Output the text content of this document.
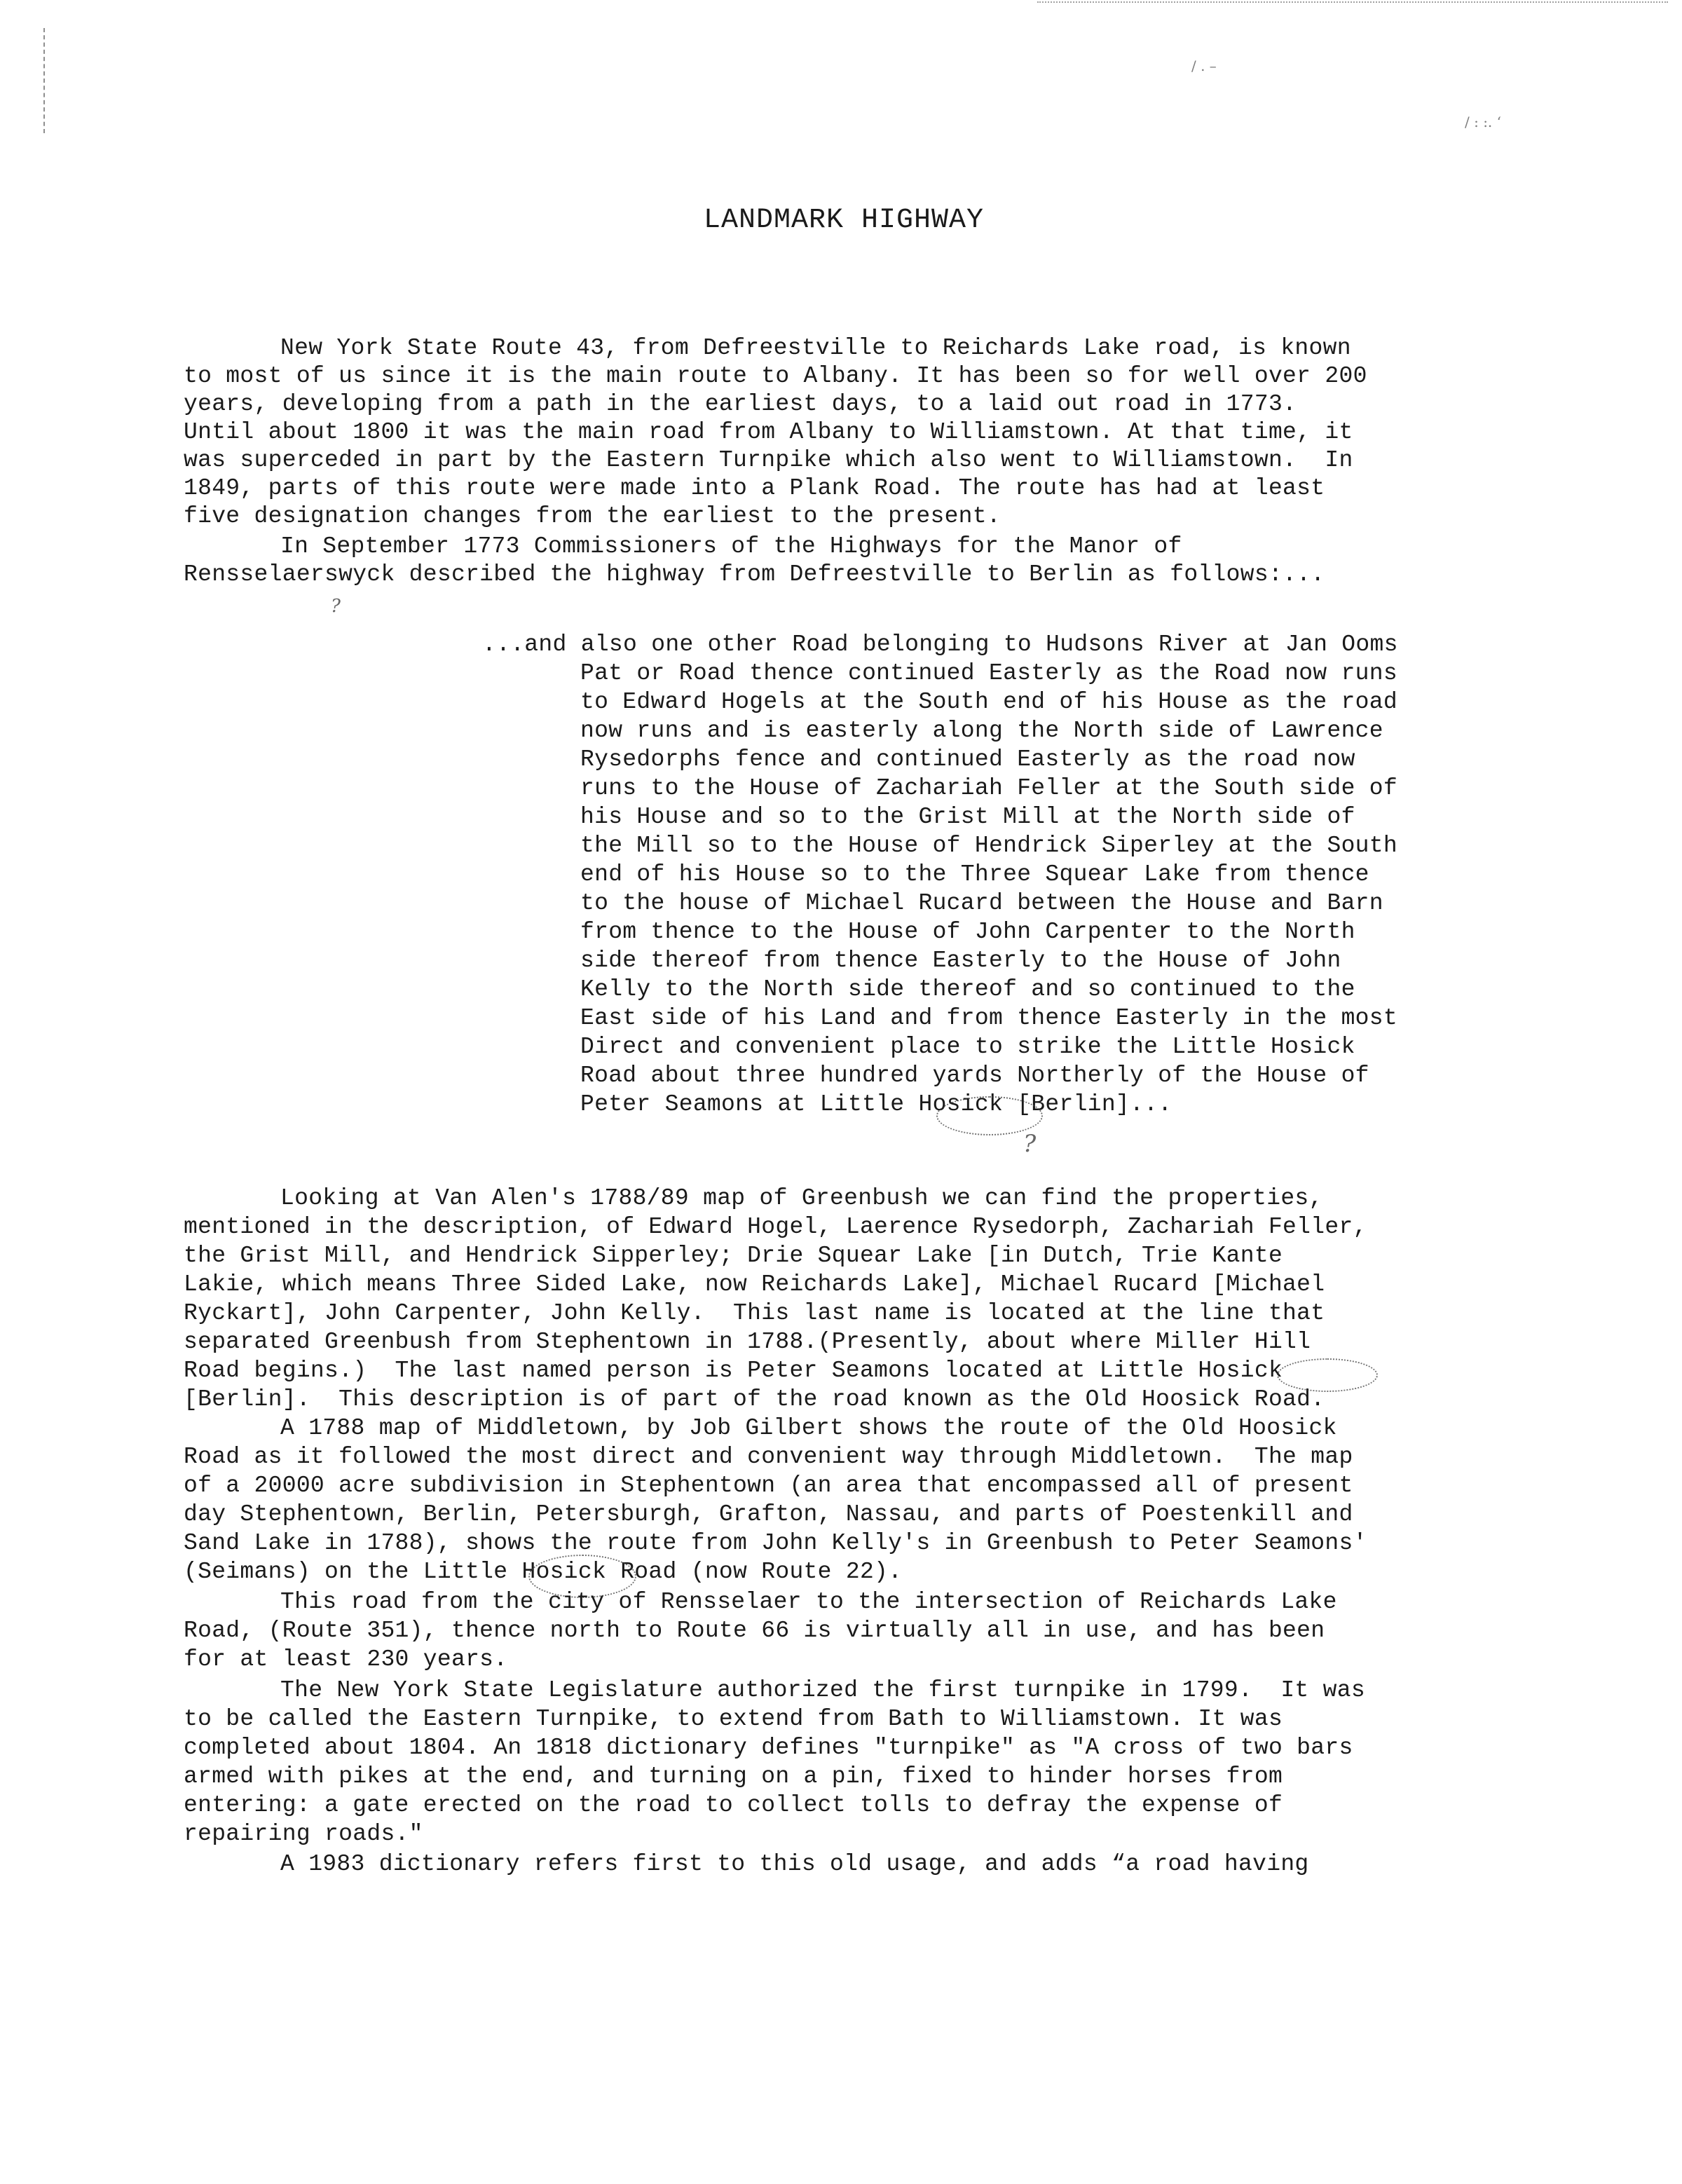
/ . –
/ : :. ‘
LANDMARK HIGHWAY
New York State Route 43, from Defreestville to Reichards Lake road, is known
to most of us since it is the main route to Albany. It has been so for well over 200
years, developing from a path in the earliest days, to a laid out road in 1773.
Until about 1800 it was the main road from Albany to Williamstown. At that time, it
was superceded in part by the Eastern Turnpike which also went to Williamstown.  In
1849, parts of this route were made into a Plank Road. The route has had at least
five designation changes from the earliest to the present.
In September 1773 Commissioners of the Highways for the Manor of
Rensselaerswyck described the highway from Defreestville to Berlin as follows:...
?
...and also one other Road belonging to Hudsons River at Jan Ooms
Pat or Road thence continued Easterly as the Road now runs
to Edward Hogels at the South end of his House as the road
now runs and is easterly along the North side of Lawrence
Rysedorphs fence and continued Easterly as the road now
runs to the House of Zachariah Feller at the South side of
his House and so to the Grist Mill at the North side of
the Mill so to the House of Hendrick Siperley at the South
end of his House so to the Three Squear Lake from thence
to the house of Michael Rucard between the House and Barn
from thence to the House of John Carpenter to the North
side thereof from thence Easterly to the House of John
Kelly to the North side thereof and so continued to the
East side of his Land and from thence Easterly in the most
Direct and convenient place to strike the Little Hosick
Road about three hundred yards Northerly of the House of
Peter Seamons at Little Hosick [Berlin]...
?
Looking at Van Alen's 1788/89 map of Greenbush we can find the properties,
mentioned in the description, of Edward Hogel, Laerence Rysedorph, Zachariah Feller,
the Grist Mill, and Hendrick Sipperley; Drie Squear Lake [in Dutch, Trie Kante
Lakie, which means Three Sided Lake, now Reichards Lake], Michael Rucard [Michael
Ryckart], John Carpenter, John Kelly.  This last name is located at the line that
separated Greenbush from Stephentown in 1788.(Presently, about where Miller Hill
Road begins.)  The last named person is Peter Seamons located at Little Hosick
[Berlin].  This description is of part of the road known as the Old Hoosick Road.
A 1788 map of Middletown, by Job Gilbert shows the route of the Old Hoosick
Road as it followed the most direct and convenient way through Middletown.  The map
of a 20000 acre subdivision in Stephentown (an area that encompassed all of present
day Stephentown, Berlin, Petersburgh, Grafton, Nassau, and parts of Poestenkill and
Sand Lake in 1788), shows the route from John Kelly's in Greenbush to Peter Seamons'
(Seimans) on the Little Hosick Road (now Route 22).
This road from the city of Rensselaer to the intersection of Reichards Lake
Road, (Route 351), thence north to Route 66 is virtually all in use, and has been
for at least 230 years.
The New York State Legislature authorized the first turnpike in 1799.  It was
to be called the Eastern Turnpike, to extend from Bath to Williamstown. It was
completed about 1804. An 1818 dictionary defines "turnpike" as "A cross of two bars
armed with pikes at the end, and turning on a pin, fixed to hinder horses from
entering: a gate erected on the road to collect tolls to defray the expense of
repairing roads."
A 1983 dictionary refers first to this old usage, and adds “a road having
